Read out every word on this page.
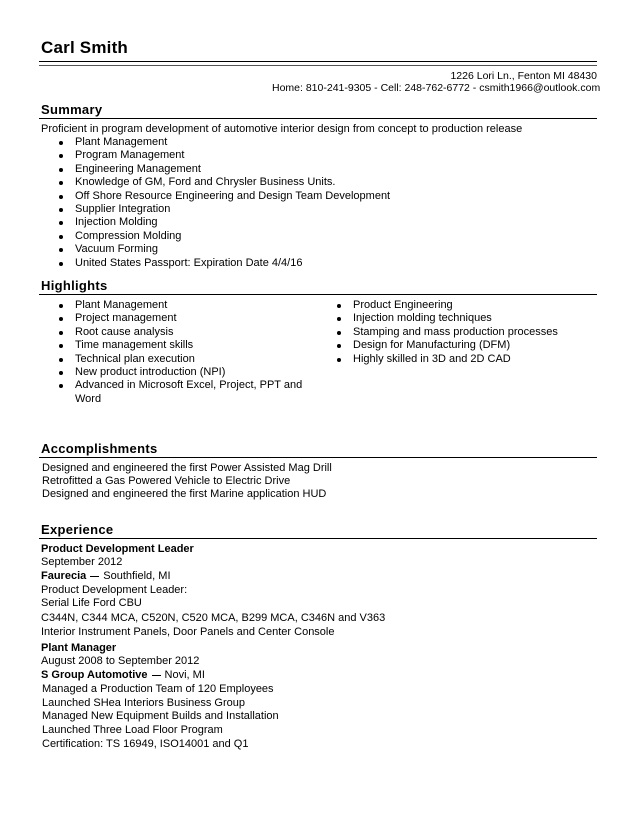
Carl Smith
1226 Lori Ln., Fenton MI 48430
Home: 810-241-9305 - Cell: 248-762-6772 - csmith1966@outlook.com
Summary
Proficient in program development of automotive interior design from concept to production release
Plant Management
Program Management
Engineering Management
Knowledge of GM, Ford and Chrysler Business Units.
Off Shore Resource Engineering and Design Team Development
Supplier Integration
Injection Molding
Compression Molding
Vacuum Forming
United States Passport: Expiration Date 4/4/16
Highlights
Plant Management
Project management
Root cause analysis
Time management skills
Technical plan execution
New product introduction (NPI)
Advanced in Microsoft Excel, Project, PPT and
Word
Product Engineering
Injection molding techniques
Stamping and mass production processes
Design for Manufacturing (DFM)
Highly skilled in 3D and 2D CAD
Accomplishments
Designed and engineered the first Power Assisted Mag Drill
Retrofitted a Gas Powered Vehicle to Electric Drive
Designed and engineered the first Marine application HUD
Experience
Product Development Leader
September 2012
Faurecia Southfield, MI
Product Development Leader:
Serial Life Ford CBU
C344N, C344 MCA, C520N, C520 MCA, B299 MCA, C346N and V363
Interior Instrument Panels, Door Panels and Center Console
Plant Manager
August 2008 to September 2012
S Group Automotive Novi, MI
Managed a Production Team of 120 Employees
Launched SHea Interiors Business Group
Managed New Equipment Builds and Installation
Launched Three Load Floor Program
Certification: TS 16949, ISO14001 and Q1
